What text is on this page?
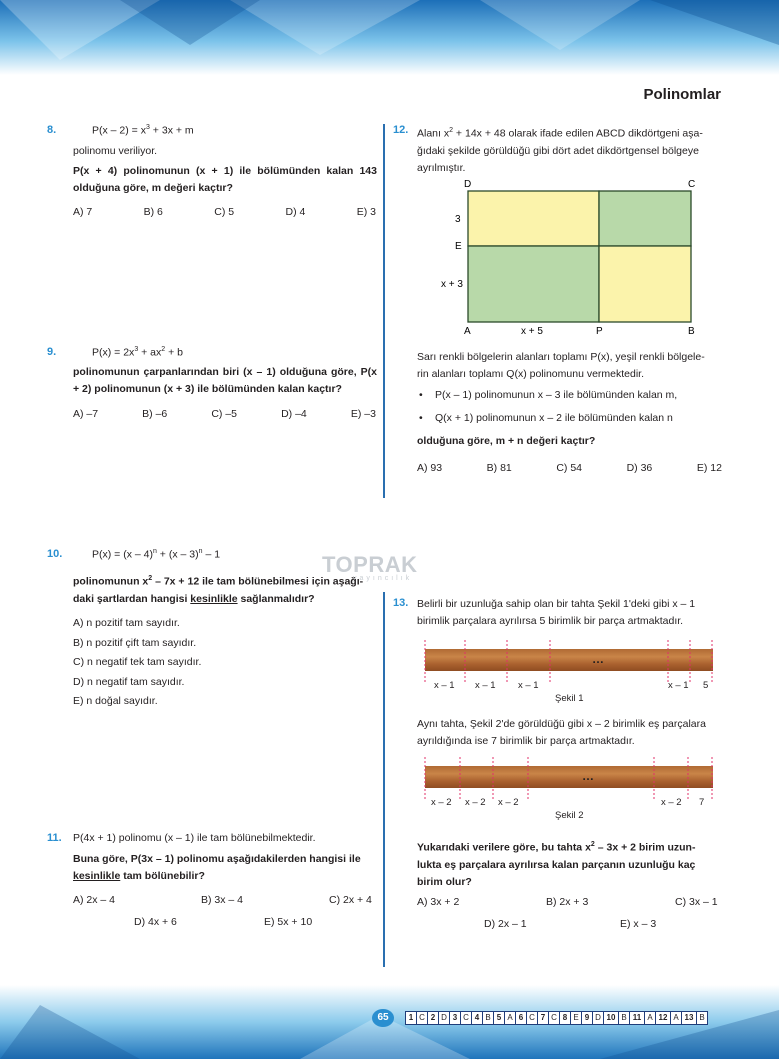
Polinomlar
TOPRAK
yayıncılık
8.	$P(x - 2) = x^3 + 3x + m$
polinomu veriliyor.
P(x + 4) polinomunun (x + 1) ile bölümünden kalan 143 olduğuna göre, m değeri kaçtır?
A) 7	B) 6	C) 5	D) 4	E) 3
9.	$P(x) = 2x^3 + ax^2 + b$
polinomunun çarpanlarından biri (x – 1) olduğuna göre, P(x + 2) polinomunun (x + 3) ile bölümünden kalan kaçtır?
A) –7	B) –6	C) –5	D) –4	E) –3
10.	P(x) = (x – 4)$^n$ + (x – 3)$^n$ – 1
polinomunun $x^2 - 7x + 12$ ile tam bölünebilmesi için aşağı-
daki şartlardan hangisi kesinlikle sağlanmalıdır?
A) n pozitif tam sayıdır.
B) n pozitif çift tam sayıdır.
C) n negatif tek tam sayıdır.
D) n negatif tam sayıdır.
E) n doğal sayıdır.
11. P(4x + 1) polinomu (x – 1) ile tam bölünebilmektedir.
Buna göre, P(3x – 1) polinomu aşağıdakilerden hangisi ile
kesinlikle tam bölünebilir?
A) 2x – 4	B) 3x – 4	C) 2x + 4
D) 4x + 6	E) 5x + 10
12. Alanı $x^2 + 14x + 48$ olarak ifade edilen ABCD dikdörtgeni aşa-
ğıdaki şekilde görüldüğü gibi dört adet dikdörtgensel bölgeye
ayrılmıştır.
D	C
3
E
x + 3
A	x + 5	P	B
Sarı renkli bölgelerin alanları toplamı P(x), yeşil renkli bölgele-
rin alanları toplamı Q(x) polinomunu vermektedir.
• P(x – 1) polinomunun x – 3 ile bölümünden kalan m,
• Q(x + 1) polinomunun x – 2 ile bölümünden kalan n
olduğuna göre, m + n değeri kaçtır?
A) 93	B) 81	C) 54	D) 36	E) 12
13. Belirli bir uzunluğa sahip olan bir tahta Şekil 1'deki gibi x – 1
birimlik parçalara ayrılırsa 5 birimlik bir parça artmaktadır.
…
x – 1 x – 1 x – 1	x – 1 5
Şekil 1
Aynı tahta, Şekil 2'de görüldüğü gibi x – 2 birimlik eş parçalara
ayrıldığında ise 7 birimlik bir parça artmaktadır.
…
x – 2 x – 2 x – 2	x – 2 7
Şekil 2
Yukarıdaki verilere göre, bu tahta $x^2 - 3x + 2$ birim uzun-
lukta eş parçalara ayrılırsa kalan parçanın uzunluğu kaç
birim olur?
A) 3x + 2	B) 2x + 3	C) 3x – 1
D) 2x – 1	E) x – 3
65	1 C 2 D 3 C 4 B 5 A 6 C 7 C 8 E 9 D 10 B 11 A 12 A 13 B
